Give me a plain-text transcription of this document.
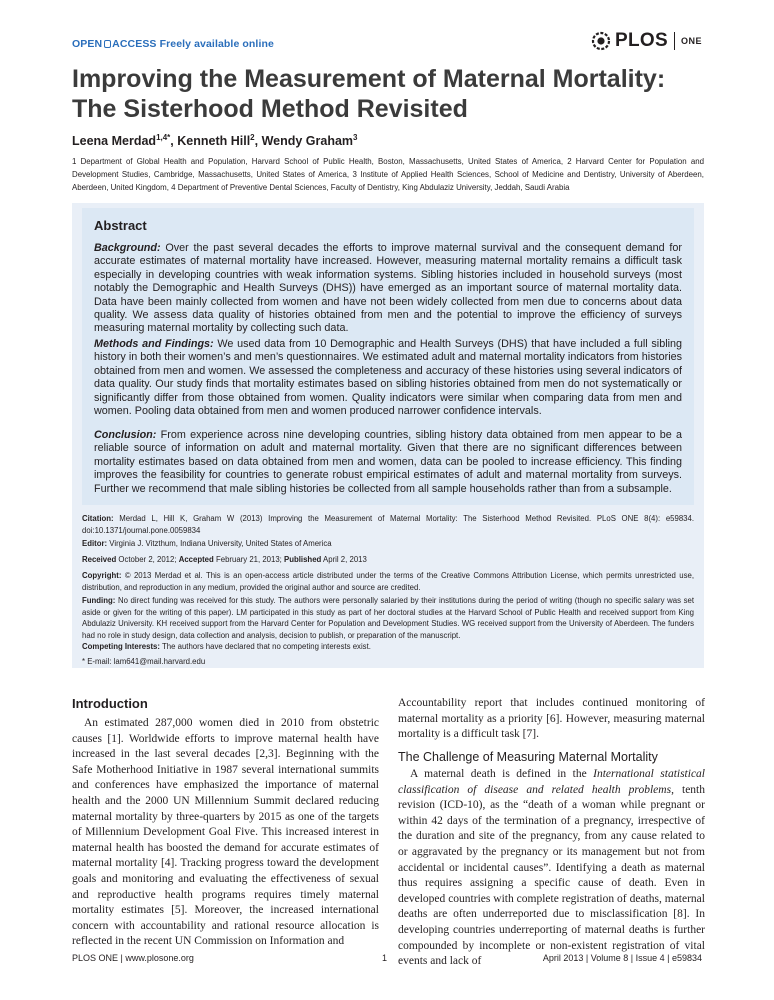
OPEN ACCESS Freely available online	PLOS ONE
Improving the Measurement of Maternal Mortality: The Sisterhood Method Revisited
Leena Merdad$^{1,4*}$, Kenneth Hill$^2$, Wendy Graham$^3$
1 Department of Global Health and Population, Harvard School of Public Health, Boston, Massachusetts, United States of America, 2 Harvard Center for Population and Development Studies, Cambridge, Massachusetts, United States of America, 3 Institute of Applied Health Sciences, School of Medicine and Dentistry, University of Aberdeen, Aberdeen, United Kingdom, 4 Department of Preventive Dental Sciences, Faculty of Dentistry, King Abdulaziz University, Jeddah, Saudi Arabia
Abstract
Background: Over the past several decades the efforts to improve maternal survival and the consequent demand for accurate estimates of maternal mortality have increased. However, measuring maternal mortality remains a difficult task especially in developing countries with weak information systems. Sibling histories included in household surveys (most notably the Demographic and Health Surveys (DHS)) have emerged as an important source of maternal mortality data. Data have been mainly collected from women and have not been widely collected from men due to concerns about data quality. We assess data quality of histories obtained from men and the potential to improve the efficiency of surveys measuring maternal mortality by collecting such data.
Methods and Findings: We used data from 10 Demographic and Health Surveys (DHS) that have included a full sibling history in both their women’s and men’s questionnaires. We estimated adult and maternal mortality indicators from histories obtained from men and women. We assessed the completeness and accuracy of these histories using several indicators of data quality. Our study finds that mortality estimates based on sibling histories obtained from men do not systematically or significantly differ from those obtained from women. Quality indicators were similar when comparing data from men and women. Pooling data obtained from men and women produced narrower confidence intervals.
Conclusion: From experience across nine developing countries, sibling history data obtained from men appear to be a reliable source of information on adult and maternal mortality. Given that there are no significant differences between mortality estimates based on data obtained from men and women, data can be pooled to increase efficiency. This finding improves the feasibility for countries to generate robust empirical estimates of adult and maternal mortality from surveys. Further we recommend that male sibling histories be collected from all sample households rather than from a subsample.
Citation: Merdad L, Hill K, Graham W (2013) Improving the Measurement of Maternal Mortality: The Sisterhood Method Revisited. PLoS ONE 8(4): e59834. doi:10.1371/journal.pone.0059834
Editor: Virginia J. Vitzthum, Indiana University, United States of America
Received October 2, 2012; Accepted February 21, 2013; Published April 2, 2013
Copyright: © 2013 Merdad et al. This is an open-access article distributed under the terms of the Creative Commons Attribution License, which permits unrestricted use, distribution, and reproduction in any medium, provided the original author and source are credited.
Funding: No direct funding was received for this study. The authors were personally salaried by their institutions during the period of writing (though no specific salary was set aside or given for the writing of this paper). LM participated in this study as part of her doctoral studies at the Harvard School of Public Health and received support from King Abdulaziz University. KH received support from the Harvard Center for Population and Development Studies. WG received support from the University of Aberdeen. The funders had no role in study design, data collection and analysis, decision to publish, or preparation of the manuscript.
Competing Interests: The authors have declared that no competing interests exist.
* E-mail: lam641@mail.harvard.edu
Introduction
An estimated 287,000 women died in 2010 from obstetric causes [1]. Worldwide efforts to improve maternal health have increased in the last several decades [2,3]. Beginning with the Safe Motherhood Initiative in 1987 several international summits and conferences have emphasized the importance of maternal health and the 2000 UN Millennium Summit declared reducing maternal mortality by three-quarters by 2015 as one of the targets of Millennium Development Goal Five. This increased interest in maternal health has boosted the demand for accurate estimates of maternal mortality [4]. Tracking progress toward the development goals and monitoring and evaluating the effectiveness of sexual and reproductive health programs requires timely maternal mortality estimates [5]. Moreover, the increased international concern with accountability and rational resource allocation is reflected in the recent UN Commission on Information and
Accountability report that includes continued monitoring of maternal mortality as a priority [6]. However, measuring maternal mortality is a difficult task [7].
The Challenge of Measuring Maternal Mortality
A maternal death is defined in the International statistical classification of disease and related health problems, tenth revision (ICD-10), as the “death of a woman while pregnant or within 42 days of the termination of a pregnancy, irrespective of the duration and site of the pregnancy, from any cause related to or aggravated by the pregnancy or its management but not from accidental or incidental causes”. Identifying a death as maternal thus requires assigning a specific cause of death. Even in developed countries with complete registration of deaths, maternal deaths are often underreported due to misclassification [8]. In developing countries underreporting of maternal deaths is further compounded by incomplete or non-existent registration of vital events and lack of
PLOS ONE | www.plosone.org	1	April 2013 | Volume 8 | Issue 4 | e59834
